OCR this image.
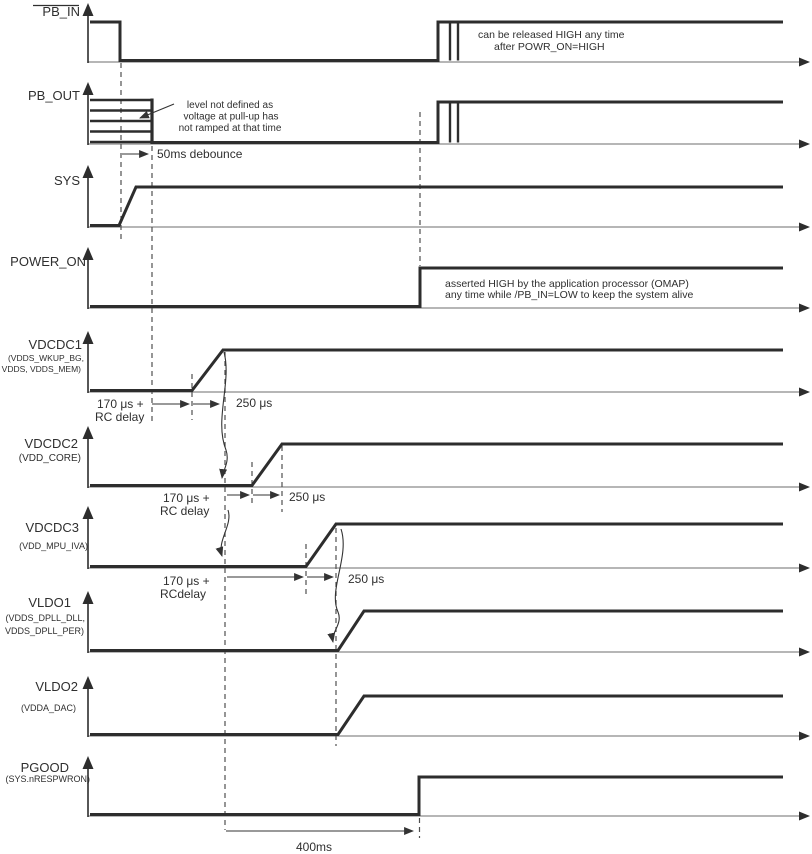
PB_IN
PB_OUT
SYS
POWER_ON
VDCDC1
(VDDS_WKUP_BG,
VDDS, VDDS_MEM)
VDCDC2
(VDD_CORE)
VDCDC3
(VDD_MPU_IVA)
VLDO1
(VDDS_DPLL_DLL,
VDDS_DPLL_PER)
VLDO2
(VDDA_DAC)
PGOOD
(SYS.nRESPWRON)
can be released HIGH any time
after POWR_ON=HIGH
level not defined as
voltage at pull-up has
not ramped at that time
50ms debounce
asserted HIGH by the application processor (OMAP)
any time while /PB_IN=LOW to keep the system alive
170 μs +
RC delay
250 μs
170 μs +
RC delay
250 μs
170 μs +
RCdelay
250 μs
400ms
